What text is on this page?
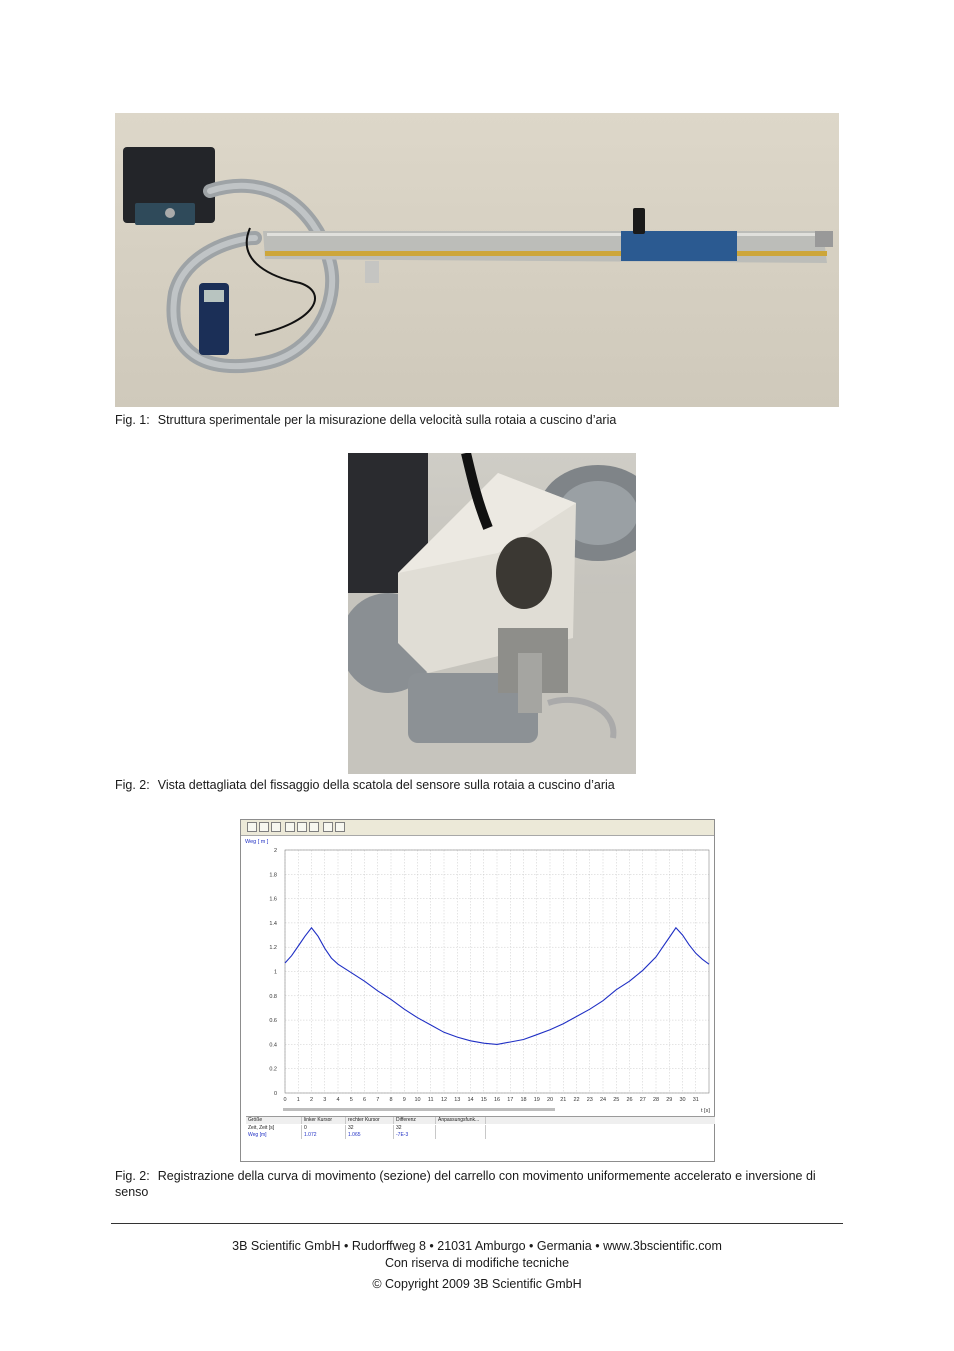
Fig. 1: Struttura sperimentale per la misurazione della velocità sulla rotaia a cuscino d’aria
Fig. 2: Vista dettagliata del fissaggio della scatola del sensore sulla rotaia a cuscino d’aria
0
0.2
0.4
0.6
0.8
1
1.2
1.4
1.6
1.8
2
0 1 2 3 4 5 6 7 8 9 10 11 12 13 14 15 16 17 18 19 20 21 22 23 24 25 26 27 28 29 30 31
Weg [ m ]
t [s]
Größe	linker Kursor	rechter Kursor	Differenz	Anpassungsfunk...
Zeit, Zeit [s]	0	32	32
Weg [m]	1.072	1.065	-7E-3
Fig. 2: Registrazione della curva di movimento (sezione) del carrello con movimento uniformemente accelerato e inversione di senso
3B Scientific GmbH • Rudorffweg 8 • 21031 Amburgo • Germania • www.3bscientific.com
Con riserva di modifiche tecniche
© Copyright 2009 3B Scientific GmbH
